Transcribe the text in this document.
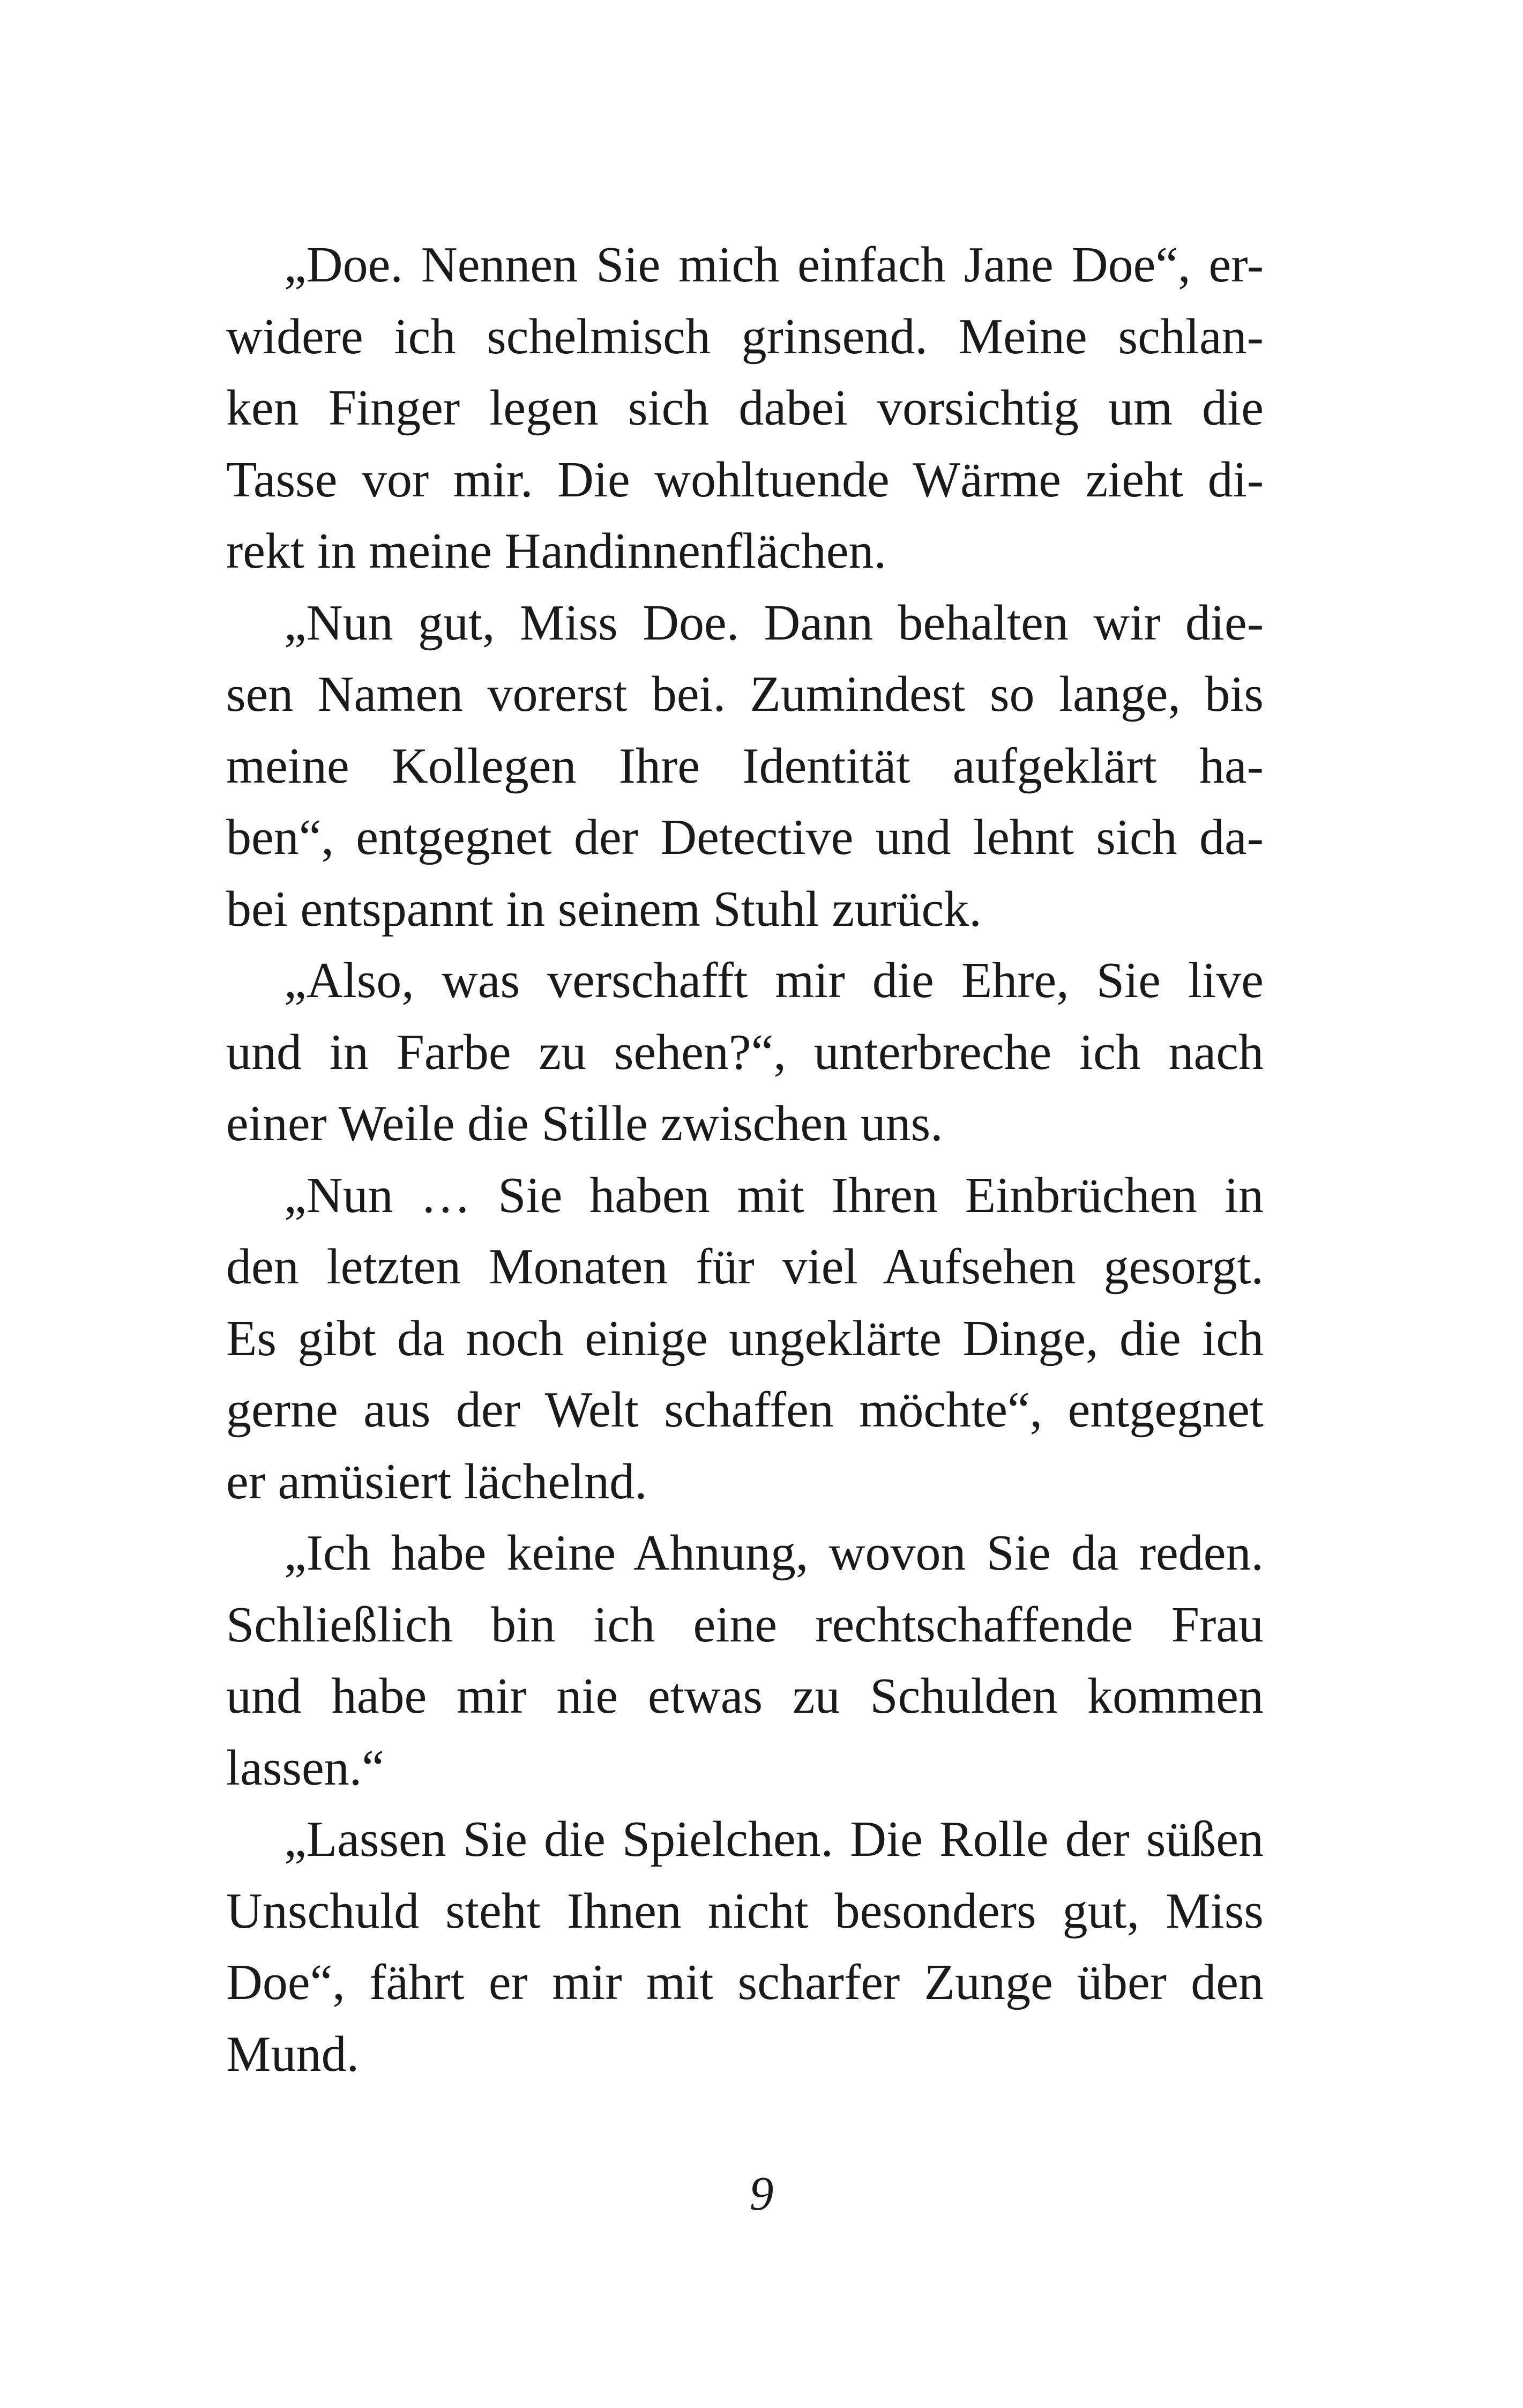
„Doe. Nennen Sie mich einfach Jane Doe“, er-
widere ich schelmisch grinsend. Meine schlan-
ken Finger legen sich dabei vorsichtig um die
Tasse vor mir. Die wohltuende Wärme zieht di-
rekt in meine Handinnenflächen.

„Nun gut, Miss Doe. Dann behalten wir die-
sen Namen vorerst bei. Zumindest so lange, bis
meine Kollegen Ihre Identität aufgeklärt ha-
ben“, entgegnet der Detective und lehnt sich da-
bei entspannt in seinem Stuhl zurück.

„Also, was verschafft mir die Ehre, Sie live
und in Farbe zu sehen?“, unterbreche ich nach
einer Weile die Stille zwischen uns.

„Nun … Sie haben mit Ihren Einbrüchen in
den letzten Monaten für viel Aufsehen gesorgt.
Es gibt da noch einige ungeklärte Dinge, die ich
gerne aus der Welt schaffen möchte“, entgegnet
er amüsiert lächelnd.

„Ich habe keine Ahnung, wovon Sie da reden.
Schließlich bin ich eine rechtschaffende Frau
und habe mir nie etwas zu Schulden kommen
lassen.“

„Lassen Sie die Spielchen. Die Rolle der süßen
Unschuld steht Ihnen nicht besonders gut, Miss
Doe“, fährt er mir mit scharfer Zunge über den
Mund.

9
